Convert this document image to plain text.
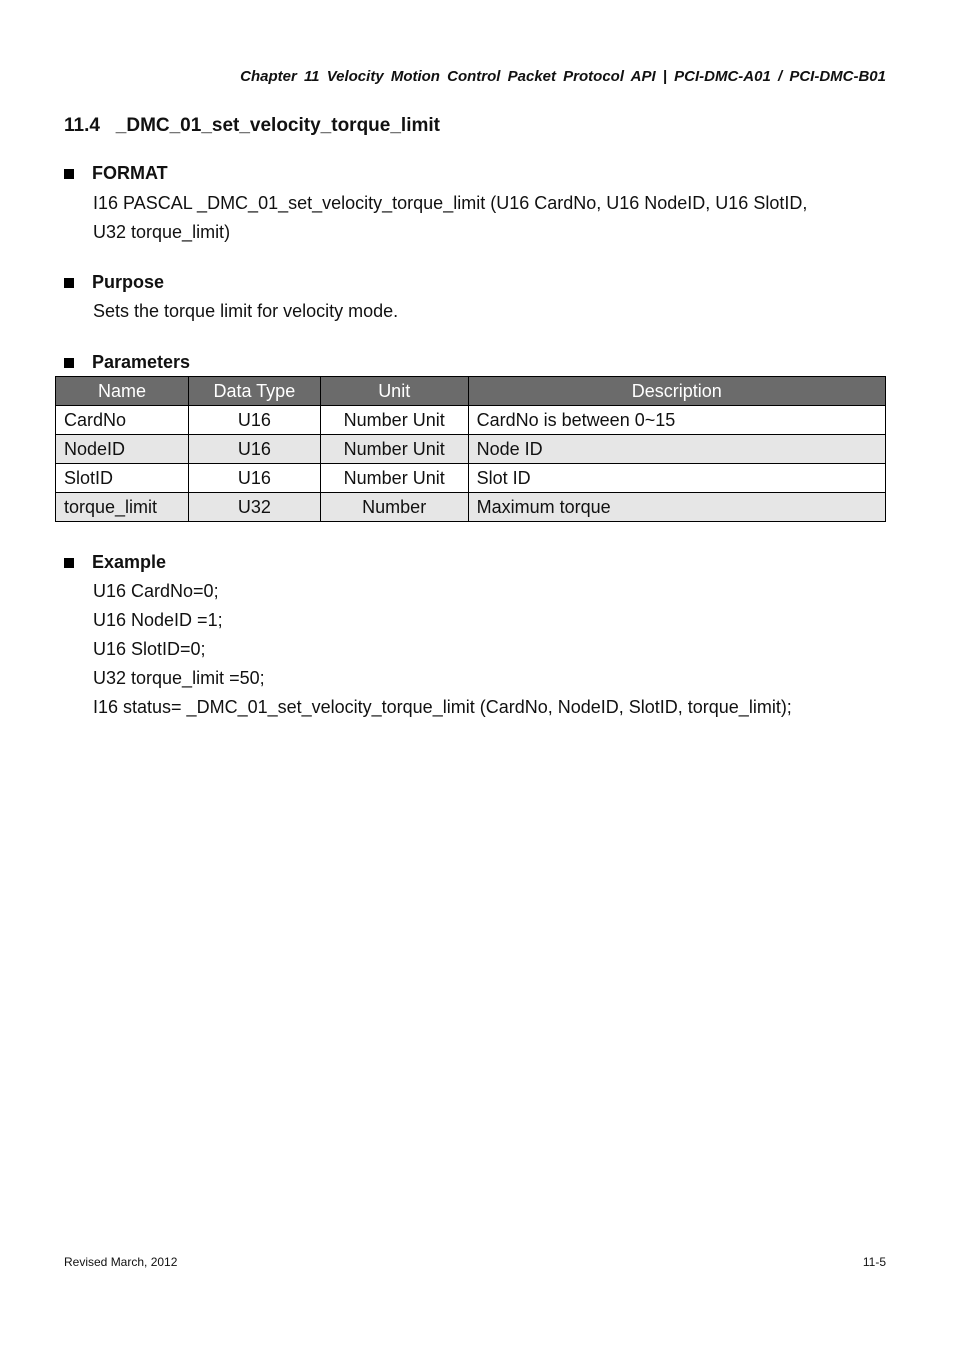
Chapter 11 Velocity Motion Control Packet Protocol API | PCI-DMC-A01 / PCI-DMC-B01
11.4 _DMC_01_set_velocity_torque_limit
FORMAT
I16 PASCAL _DMC_01_set_velocity_torque_limit (U16 CardNo, U16 NodeID, U16 SlotID,
U32 torque_limit)
Purpose
Sets the torque limit for velocity mode.
Parameters
Name	Data Type	Unit	Description
CardNo	U16	Number Unit	CardNo is between 0~15
NodeID	U16	Number Unit	Node ID
SlotID	U16	Number Unit	Slot ID
torque_limit	U32	Number	Maximum torque
Example
U16 CardNo=0;
U16 NodeID =1;
U16 SlotID=0;
U32 torque_limit =50;
I16 status= _DMC_01_set_velocity_torque_limit (CardNo, NodeID, SlotID, torque_limit);
Revised March, 2012	11-5
